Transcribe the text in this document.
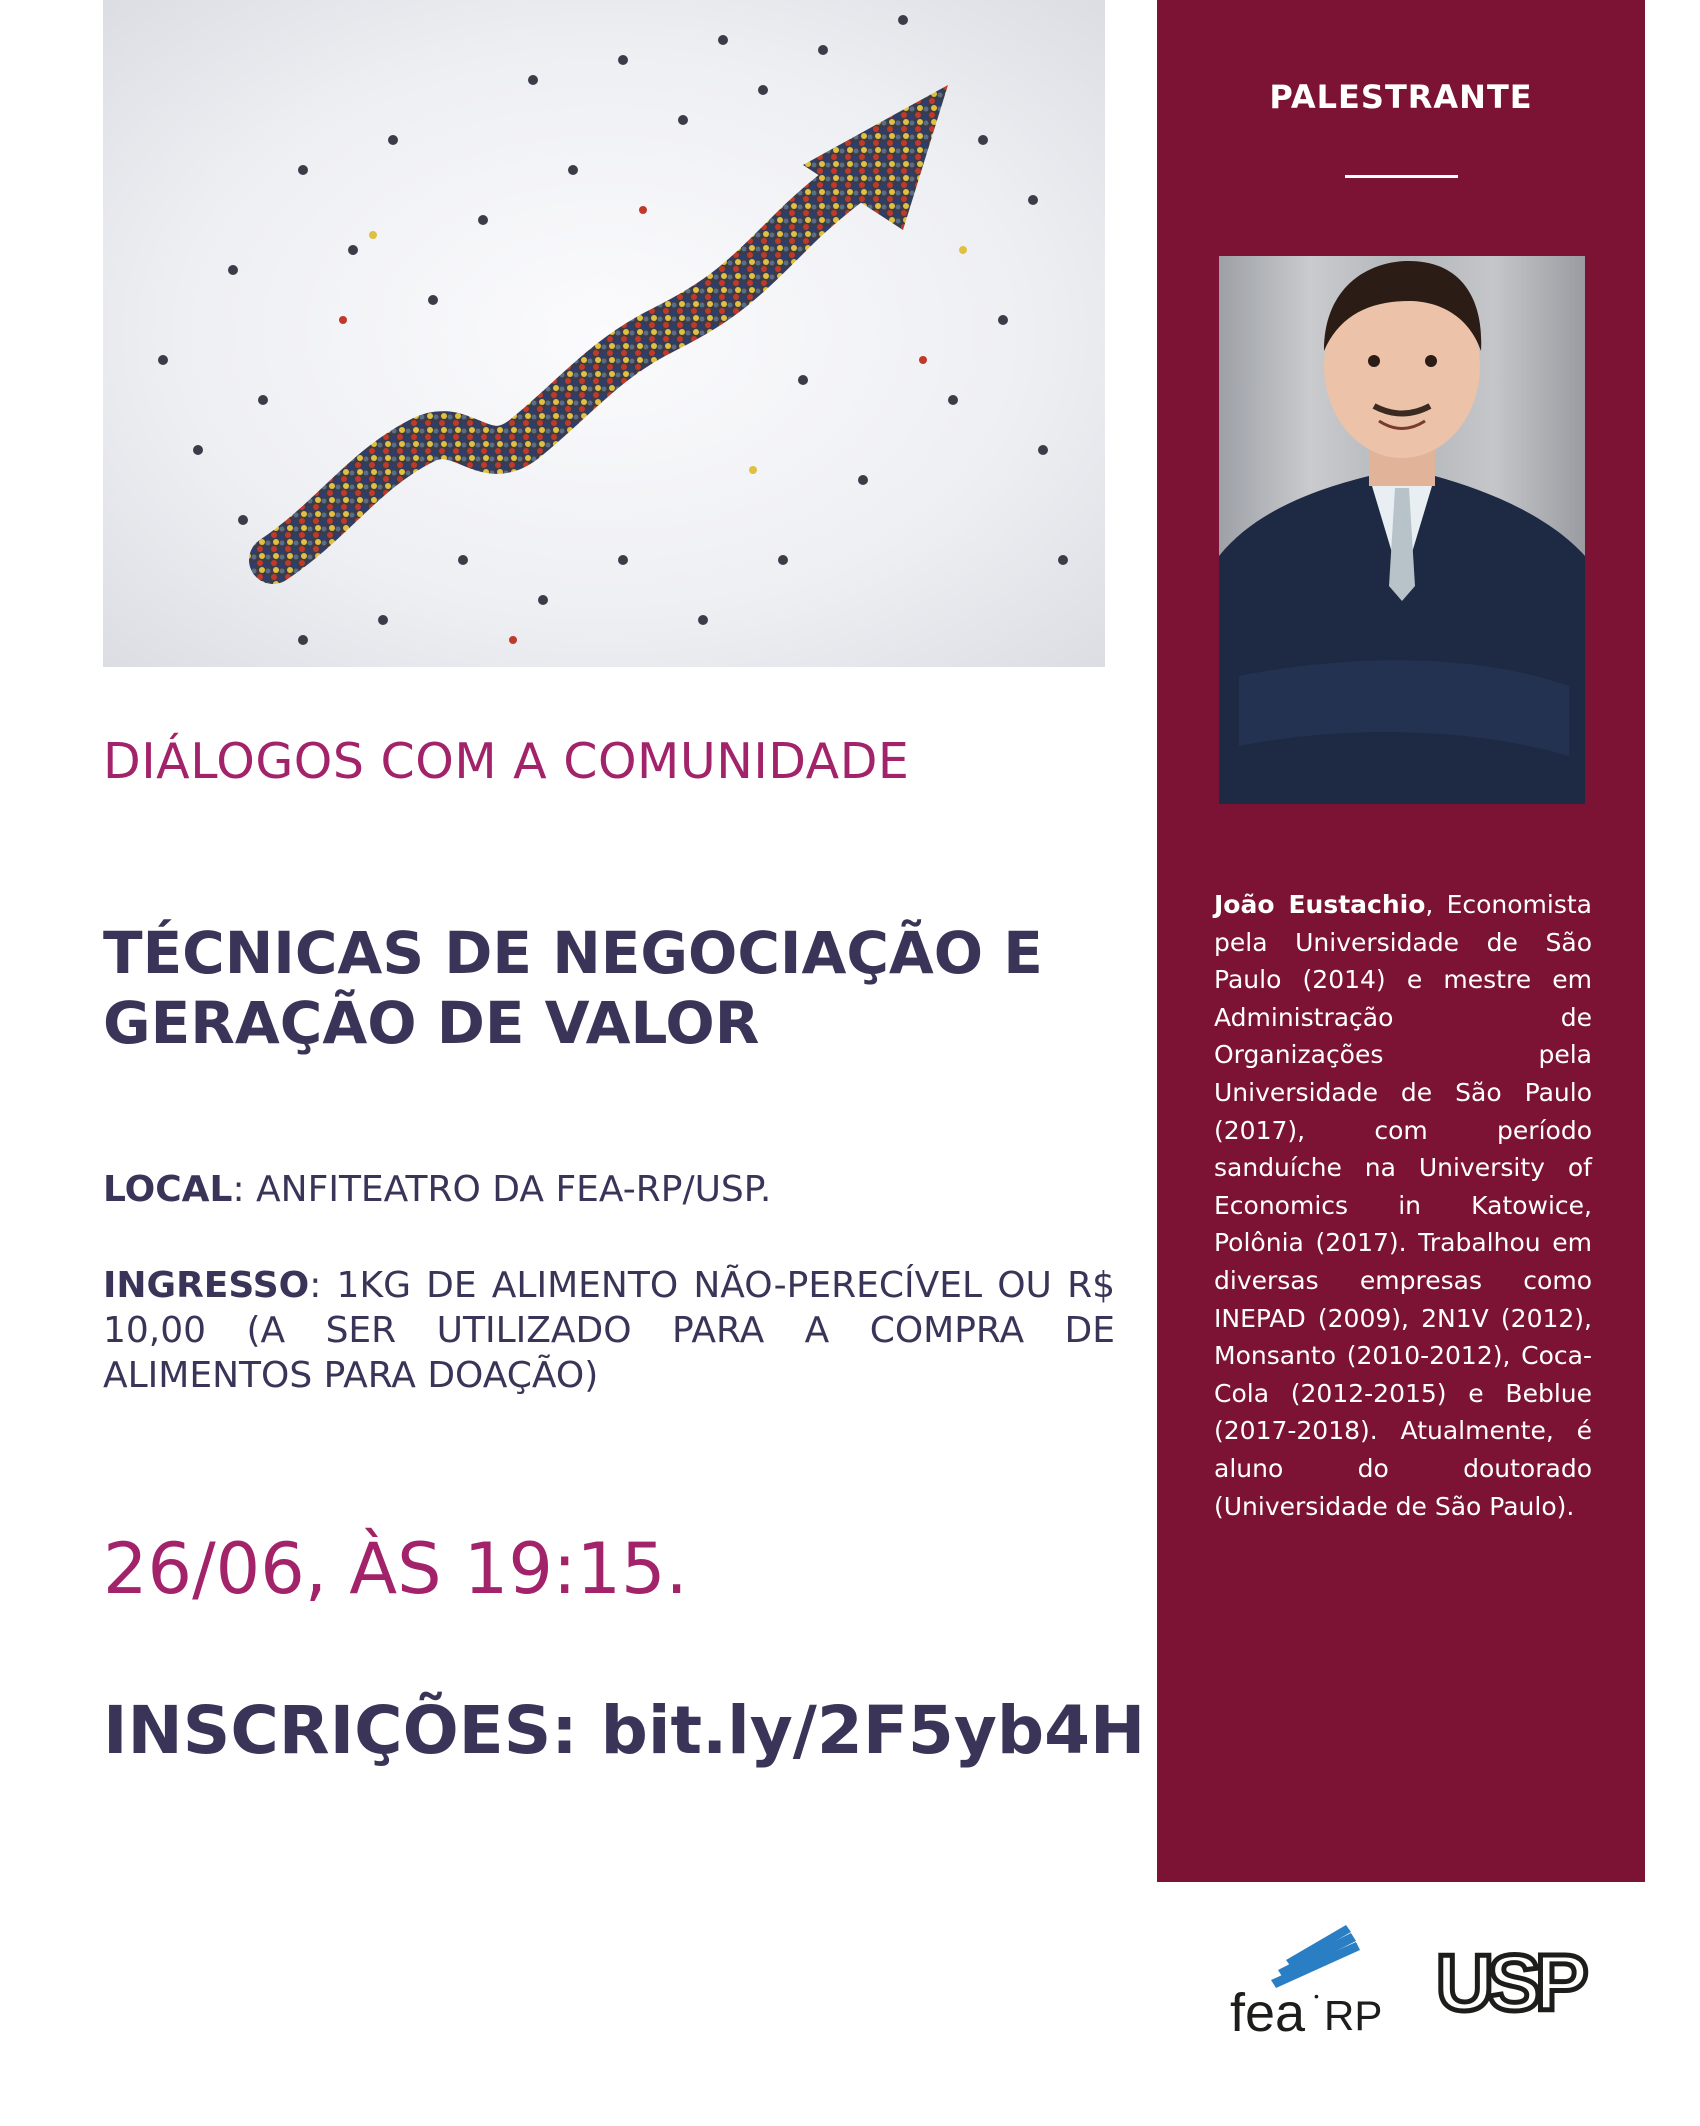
PALESTRANTE
João Eustachio, Economista pela Universidade de São Paulo (2014) e mestre em Administração de Organizações pela Universidade de São Paulo (2017), com período sanduíche na University of Economics in Katowice, Polônia (2017). Trabalhou em diversas empresas como INEPAD (2009), 2N1V (2012), Monsanto (2010-2012), Coca-Cola (2012-2015) e Beblue (2017-2018). Atualmente, é aluno do doutorado (Universidade de São Paulo).
DIÁLOGOS COM A COMUNIDADE
TÉCNICAS DE NEGOCIAÇÃO E
GERAÇÃO DE VALOR
LOCAL: ANFITEATRO DA FEA-RP/USP.
INGRESSO: 1KG DE ALIMENTO NÃO-PERECÍVEL OU R$ 10,00 (A SER UTILIZADO PARA A COMPRA DE ALIMENTOS PARA DOAÇÃO)
26/06, ÀS 19:15.
INSCRIÇÕES: bit.ly/2F5yb4H
fea • RP USP
